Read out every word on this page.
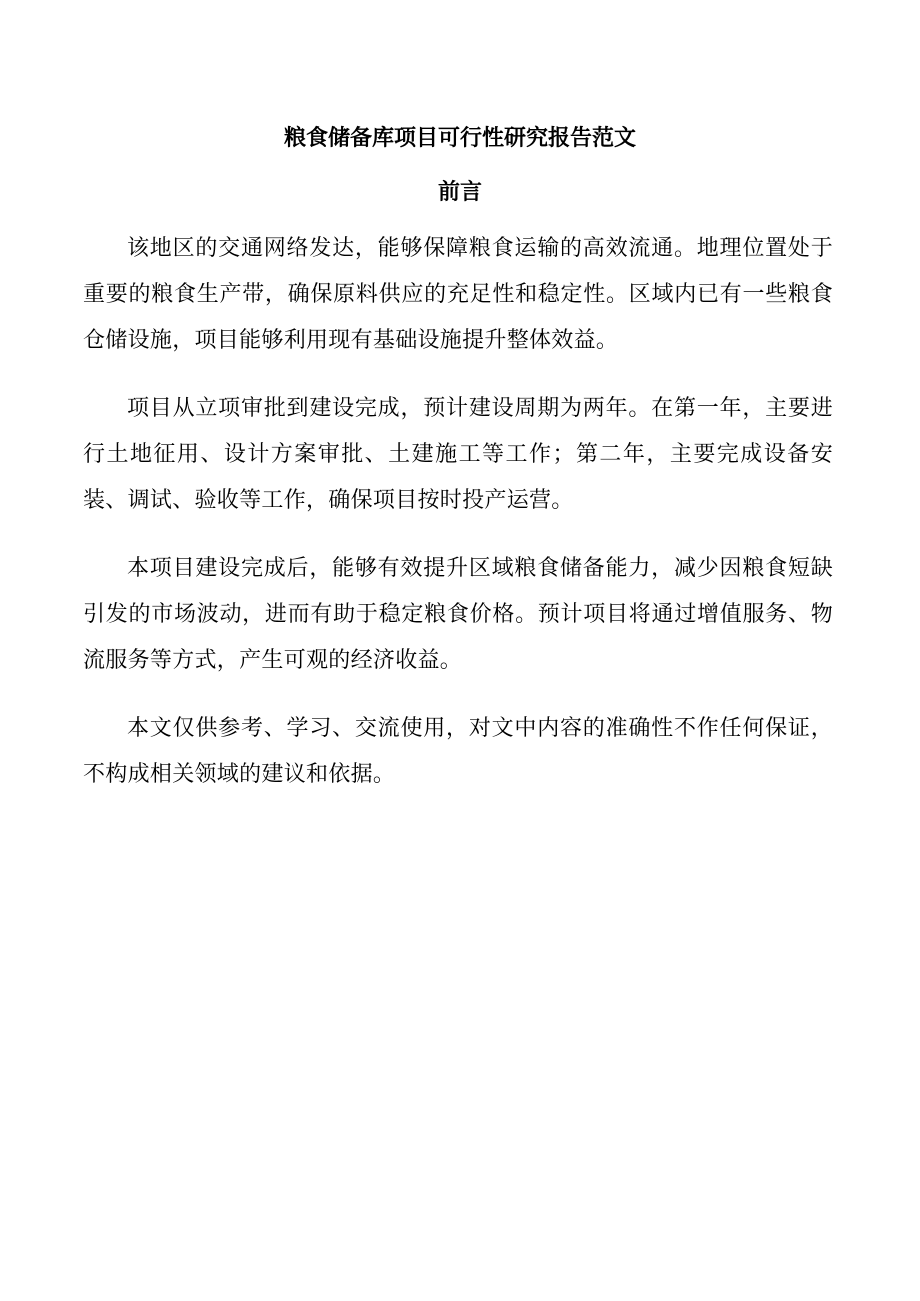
粮食储备库项目可行性研究报告范文
前言

该地区的交通网络发达，能够保障粮食运输的高效流通。地理位置处于重要的粮食生产带，确保原料供应的充足性和稳定性。区域内已有一些粮食仓储设施，项目能够利用现有基础设施提升整体效益。

项目从立项审批到建设完成，预计建设周期为两年。在第一年，主要进行土地征用、设计方案审批、土建施工等工作；第二年，主要完成设备安装、调试、验收等工作，确保项目按时投产运营。

本项目建设完成后，能够有效提升区域粮食储备能力，减少因粮食短缺引发的市场波动，进而有助于稳定粮食价格。预计项目将通过增值服务、物流服务等方式，产生可观的经济收益。

本文仅供参考、学习、交流使用，对文中内容的准确性不作任何保证，不构成相关领域的建议和依据。
